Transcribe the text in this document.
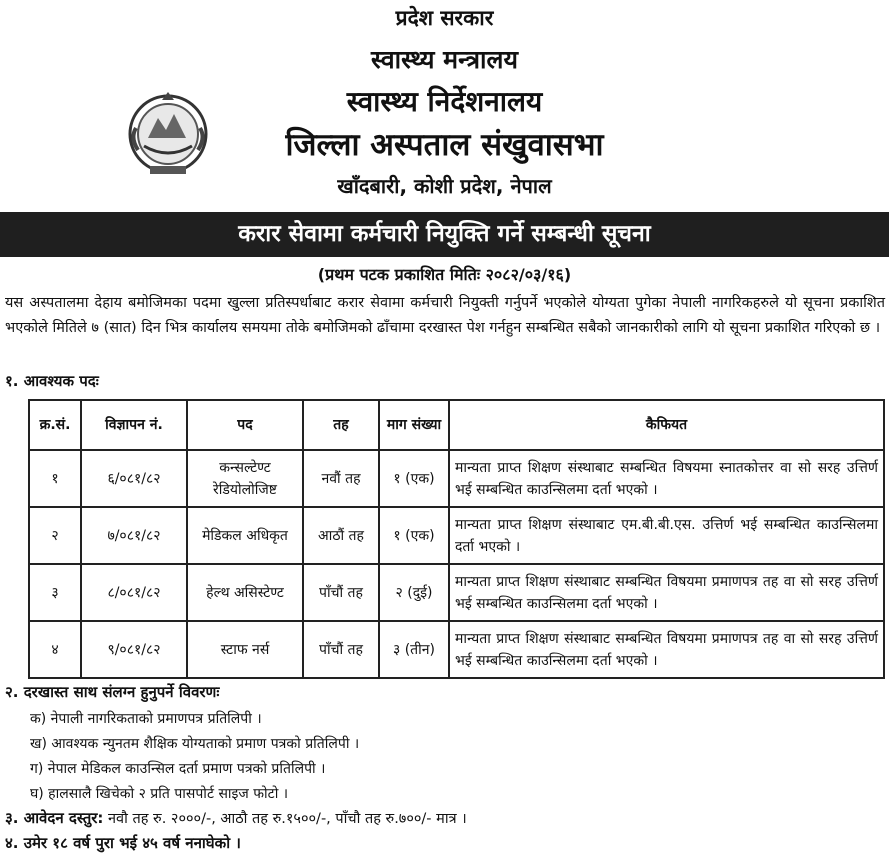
प्रदेश सरकार
स्वास्थ्य मन्त्रालय
स्वास्थ्य निर्देशनालय
जिल्ला अस्पताल संखुवासभा
खाँदबारी, कोशी प्रदेश, नेपाल
करार सेवामा कर्मचारी नियुक्ति गर्ने सम्बन्धी सूचना
(प्रथम पटक प्रकाशित मितिः २०८२/०३/१६)
यस अस्पतालमा देहाय बमोजिमका पदमा खुल्ला प्रतिस्पर्धाबाट करार सेवामा कर्मचारी नियुक्ती गर्नुपर्ने भएकोले योग्यता पुगेका नेपाली नागरिकहरुले यो सूचना प्रकाशित भएकोले मितिले ७ (सात) दिन भित्र कार्यालय समयमा तोके बमोजिमको ढाँचामा दरखास्त पेश गर्नहुन सम्बन्धित सबैको जानकारीको लागि यो सूचना प्रकाशित गरिएको छ ।
१. आवश्यक पदः
क्र.सं.	विज्ञापन नं.	पद	तह	माग संख्या	कैफियत
१	६/०८१/८२	कन्सल्टेण्ट रेडियोलोजिष्ट	नवौं तह	१ (एक)	मान्यता प्राप्त शिक्षण संस्थाबाट सम्बन्धित विषयमा स्नातकोत्तर वा सो सरह उत्तिर्ण भई सम्बन्धित काउन्सिलमा दर्ता भएको ।
२	७/०८१/८२	मेडिकल अधिकृत	आठौं तह	१ (एक)	मान्यता प्राप्त शिक्षण संस्थाबाट एम.बी.बी.एस. उत्तिर्ण भई सम्बन्धित काउन्सिलमा दर्ता भएको ।
३	८/०८१/८२	हेल्थ असिस्टेण्ट	पाँचौं तह	२ (दुई)	मान्यता प्राप्त शिक्षण संस्थाबाट सम्बन्धित विषयमा प्रमाणपत्र तह वा सो सरह उत्तिर्ण भई सम्बन्धित काउन्सिलमा दर्ता भएको ।
४	९/०८१/८२	स्टाफ नर्स	पाँचौं तह	३ (तीन)	मान्यता प्राप्त शिक्षण संस्थाबाट सम्बन्धित विषयमा प्रमाणपत्र तह वा सो सरह उत्तिर्ण भई सम्बन्धित काउन्सिलमा दर्ता भएको ।
२. दरखास्त साथ संलग्न हुनुपर्ने विवरणः
क) नेपाली नागरिकताको प्रमाणपत्र प्रतिलिपी ।
ख) आवश्यक न्युनतम शैक्षिक योग्यताको प्रमाण पत्रको प्रतिलिपी ।
ग) नेपाल मेडिकल काउन्सिल दर्ता प्रमाण पत्रको प्रतिलिपी ।
घ) हालसालै खिचेको २ प्रति पासपोर्ट साइज फोटो ।
३. आवेदन दस्तुर: नवौ तह रु. २०००/-, आठौ तह रु.१५००/-, पाँचौ तह रु.७००/- मात्र ।
४. उमेर १८ वर्ष पुरा भई ४५ वर्ष ननाघेको ।
